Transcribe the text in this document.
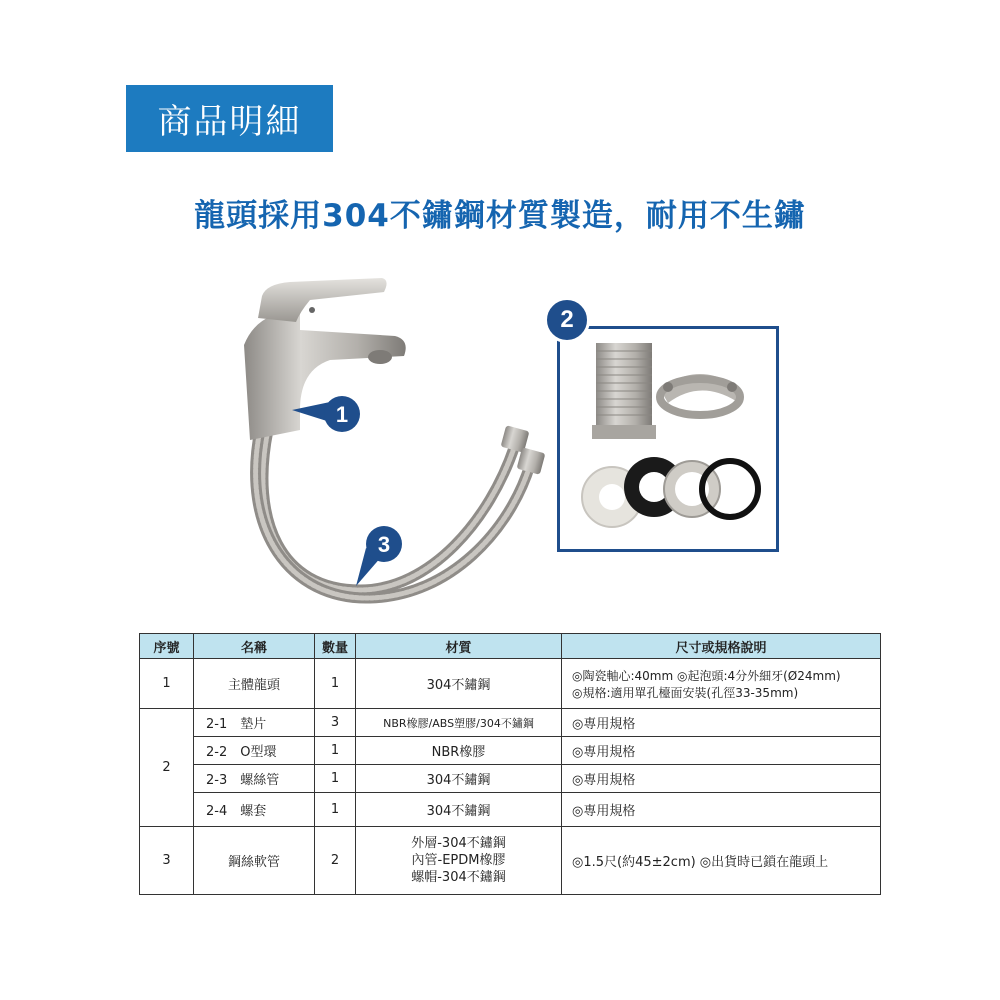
商品明細
龍頭採用304不鏽鋼材質製造，耐用不生鏽
1
3
2
序號	名稱	數量	材質	尺寸或規格說明
1	主體龍頭	1	304不鏽鋼	◎陶瓷軸心:40mm ◎起泡頭:4分外細牙(Ø24mm)
◎規格:適用單孔檯面安裝(孔徑33-35mm)

2	2-1　墊片	3	NBR橡膠/ABS塑膠/304不鏽鋼	◎專用規格
	2-2　O型環	1	NBR橡膠	◎專用規格
	2-3　螺絲管	1	304不鏽鋼	◎專用規格
	2-4　螺套	1	304不鏽鋼	◎專用規格
3	鋼絲軟管	2	外層-304不鏽鋼
內管-EPDM橡膠
螺帽-304不鏽鋼	◎1.5尺(約45±2cm) ◎出貨時已鎖在龍頭上
